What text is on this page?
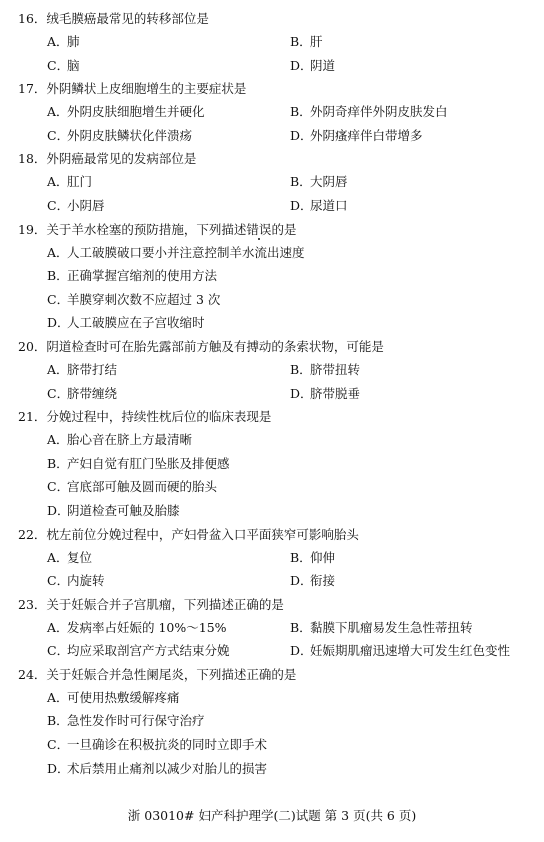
16．绒毛膜癌最常见的转移部位是
A．肺	B．肝
C．脑	D．阴道
17．外阴鳞状上皮细胞增生的主要症状是
A．外阴皮肤细胞增生并硬化	B．外阴奇痒伴外阴皮肤发白
C．外阴皮肤鳞状化伴溃疡	D．外阴瘙痒伴白带增多
18．外阴癌最常见的发病部位是
A．肛门	B．大阴唇
C．小阴唇	D．尿道口
19．关于羊水栓塞的预防措施，下列描述错误的是
A．人工破膜破口要小并注意控制羊水流出速度
B．正确掌握宫缩剂的使用方法
C．羊膜穿刺次数不应超过 3 次
D．人工破膜应在子宫收缩时
20．阴道检查时可在胎先露部前方触及有搏动的条索状物，可能是
A．脐带打结	B．脐带扭转
C．脐带缠绕	D．脐带脱垂
21．分娩过程中，持续性枕后位的临床表现是
A．胎心音在脐上方最清晰
B．产妇自觉有肛门坠胀及排便感
C．宫底部可触及圆而硬的胎头
D．阴道检查可触及胎膝
22．枕左前位分娩过程中，产妇骨盆入口平面狭窄可影响胎头
A．复位	B．仰伸
C．内旋转	D．衔接
23．关于妊娠合并子宫肌瘤，下列描述正确的是
A．发病率占妊娠的 10%～15%	B．黏膜下肌瘤易发生急性蒂扭转
C．均应采取剖宫产方式结束分娩	D．妊娠期肌瘤迅速增大可发生红色变性
24．关于妊娠合并急性阑尾炎，下列描述正确的是
A．可使用热敷缓解疼痛
B．急性发作时可行保守治疗
C．一旦确诊在积极抗炎的同时立即手术
D．术后禁用止痛剂以减少对胎儿的损害
浙 03010# 妇产科护理学(二)试题 第 3 页(共 6 页)
